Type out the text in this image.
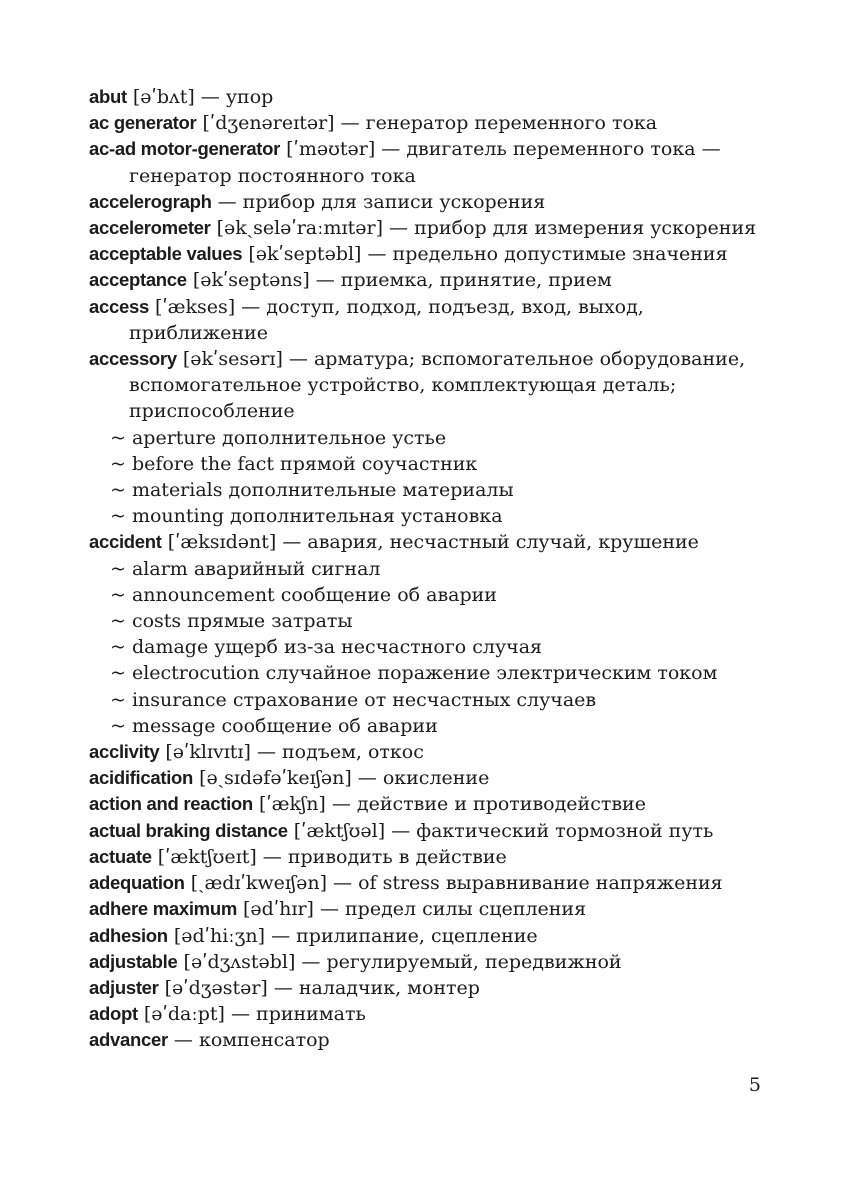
abut [əʹbʌt] — упор
ac generator [ʹdʒenəreɪtər] — генератор переменного тока
ac-ad motor-generator [ʹməʊtər] — двигатель переменного тока —
генератор постоянного тока
accelerograph — прибор для записи ускорения
accelerometer [əkˏseləʹraːmɪtər] — прибор для измерения ускорения
acceptable values [əkʹseptəbl] — предельно допустимые значения
acceptance [əkʹseptəns] — приемка, принятие, прием
access [ʹækses] — доступ, подход, подъезд, вход, выход,
приближение
accessory [əkʹsesərɪ] — арматура; вспомогательное оборудование,
вспомогательное устройство, комплектующая деталь;
приспособление
~ aperture дополнительное устье
~ before the fact прямой соучастник
~ materials дополнительные материалы
~ mounting дополнительная установка
accident [ʹæksɪdənt] — авария, несчастный случай, крушение
~ alarm аварийный сигнал
~ announcement сообщение об аварии
~ costs прямые затраты
~ damage ущерб из-за несчастного случая
~ electrocution случайное поражение электрическим током
~ insurance страхование от несчастных случаев
~ message сообщение об аварии
acclivity [əʹklɪvɪtɪ] — подъем, откос
acidification [əˏsɪdəfəʹkeɪʃən] — окисление
action and reaction [ʹækʃn] — действие и противодействие
actual braking distance [ʹæktʃʊəl] — фактический тормозной путь
actuate [ʹæktʃʊeɪt] — приводить в действие
adequation [ˏædɪʹkweɪʃən] — of stress выравнивание напряжения
adhere maximum [ədʹhɪr] — предел силы сцепления
adhesion [ədʹhiːʒn] — прилипание, сцепление
adjustable [əʹdʒʌstəbl] — регулируемый, передвижной
adjuster [əʹdʒəstər] — наладчик, монтер
adopt [əʹdaːpt] — принимать
advancer — компенсатор
5
